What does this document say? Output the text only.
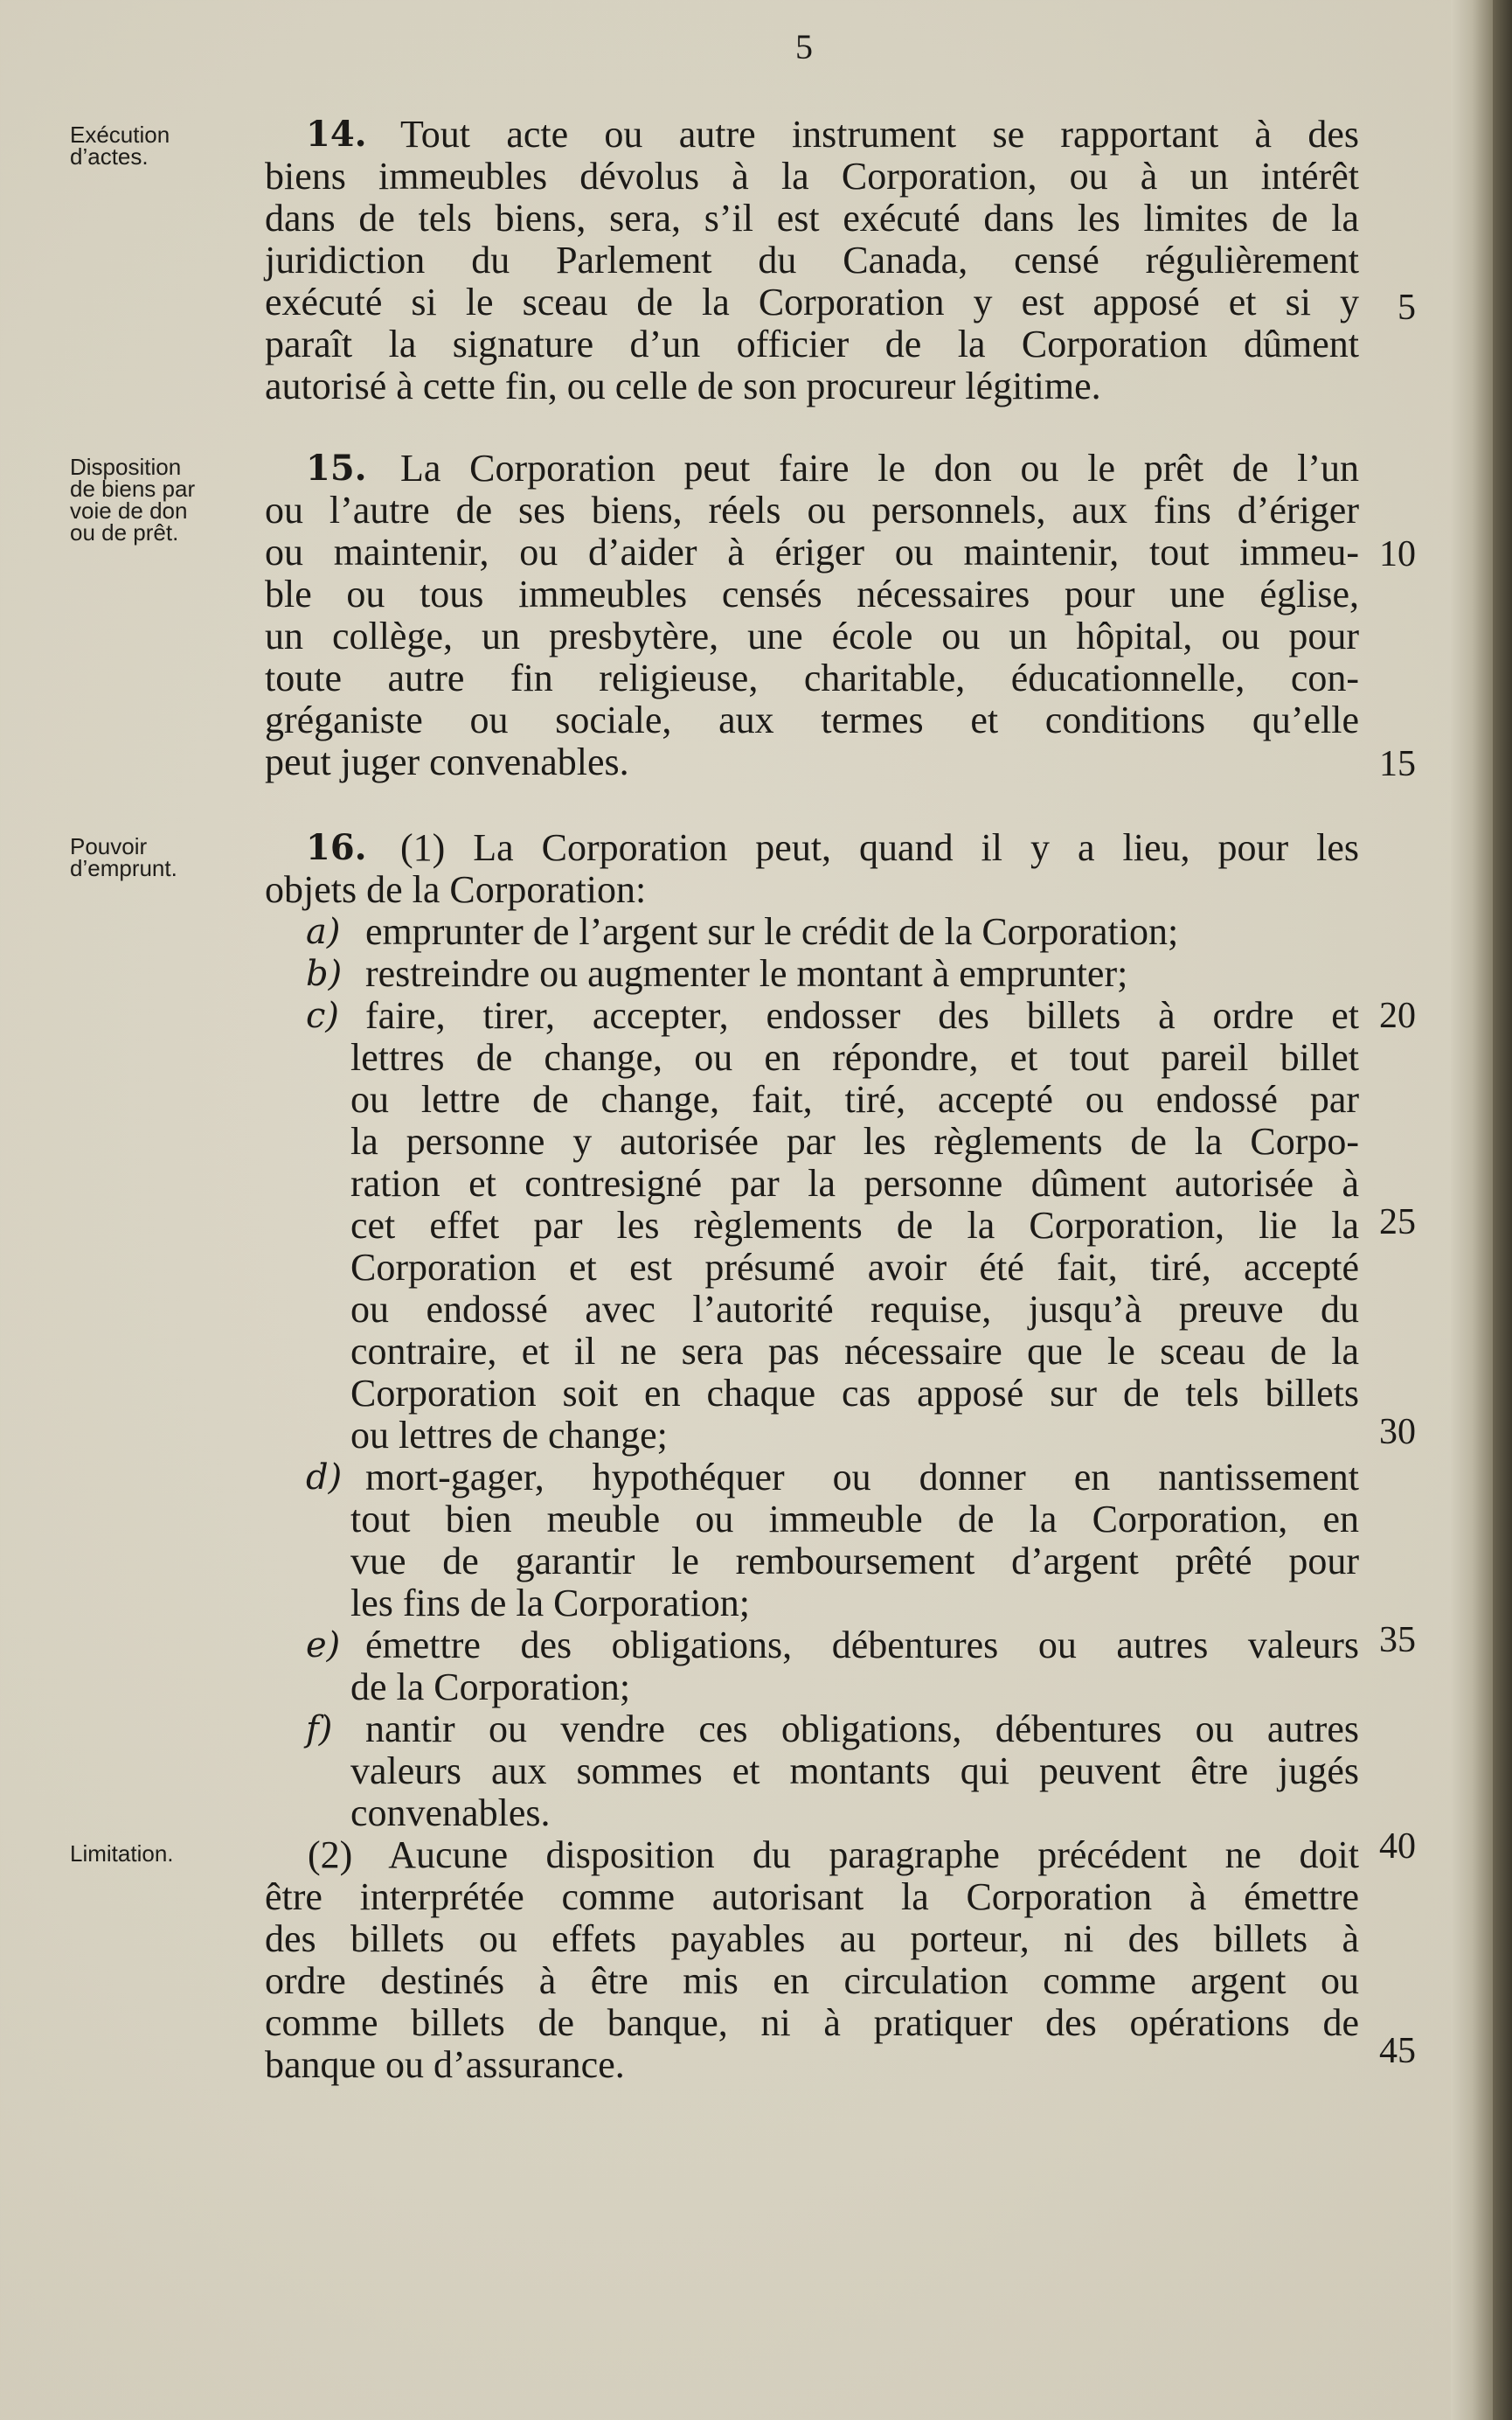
5
Exécution
d’actes.
Disposition
de biens par
voie de don
ou de prêt.
Pouvoir
d’emprunt.
Limitation.
5
10
15
20
25
30
35
40
45
14. Tout acte ou autre instrument se rapportant à des
biens immeubles dévolus à la Corporation, ou à un intérêt
dans de tels biens, sera, s’il est exécuté dans les limites de la
juridiction du Parlement du Canada, censé régulièrement
exécuté si le sceau de la Corporation y est apposé et si y
paraît la signature d’un officier de la Corporation dûment
autorisé à cette fin, ou celle de son procureur légitime.
15. La Corporation peut faire le don ou le prêt de l’un
ou l’autre de ses biens, réels ou personnels, aux fins d’ériger
ou maintenir, ou d’aider à ériger ou maintenir, tout immeu-
ble ou tous immeubles censés nécessaires pour une église,
un collège, un presbytère, une école ou un hôpital, ou pour
toute autre fin religieuse, charitable, éducationnelle, con-
gréganiste ou sociale, aux termes et conditions qu’elle
peut juger convenables.
16. (1) La Corporation peut, quand il y a lieu, pour les
objets de la Corporation:
a) emprunter de l’argent sur le crédit de la Corporation;
b) restreindre ou augmenter le montant à emprunter;
c) faire, tirer, accepter, endosser des billets à ordre et
lettres de change, ou en répondre, et tout pareil billet
ou lettre de change, fait, tiré, accepté ou endossé par
la personne y autorisée par les règlements de la Corpo-
ration et contresigné par la personne dûment autorisée à
cet effet par les règlements de la Corporation, lie la
Corporation et est présumé avoir été fait, tiré, accepté
ou endossé avec l’autorité requise, jusqu’à preuve du
contraire, et il ne sera pas nécessaire que le sceau de la
Corporation soit en chaque cas apposé sur de tels billets
ou lettres de change;
d) mort-gager, hypothéquer ou donner en nantissement
tout bien meuble ou immeuble de la Corporation, en
vue de garantir le remboursement d’argent prêté pour
les fins de la Corporation;
e) émettre des obligations, débentures ou autres valeurs
de la Corporation;
f) nantir ou vendre ces obligations, débentures ou autres
valeurs aux sommes et montants qui peuvent être jugés
convenables.
(2) Aucune disposition du paragraphe précédent ne doit
être interprétée comme autorisant la Corporation à émettre
des billets ou effets payables au porteur, ni des billets à
ordre destinés à être mis en circulation comme argent ou
comme billets de banque, ni à pratiquer des opérations de
banque ou d’assurance.
